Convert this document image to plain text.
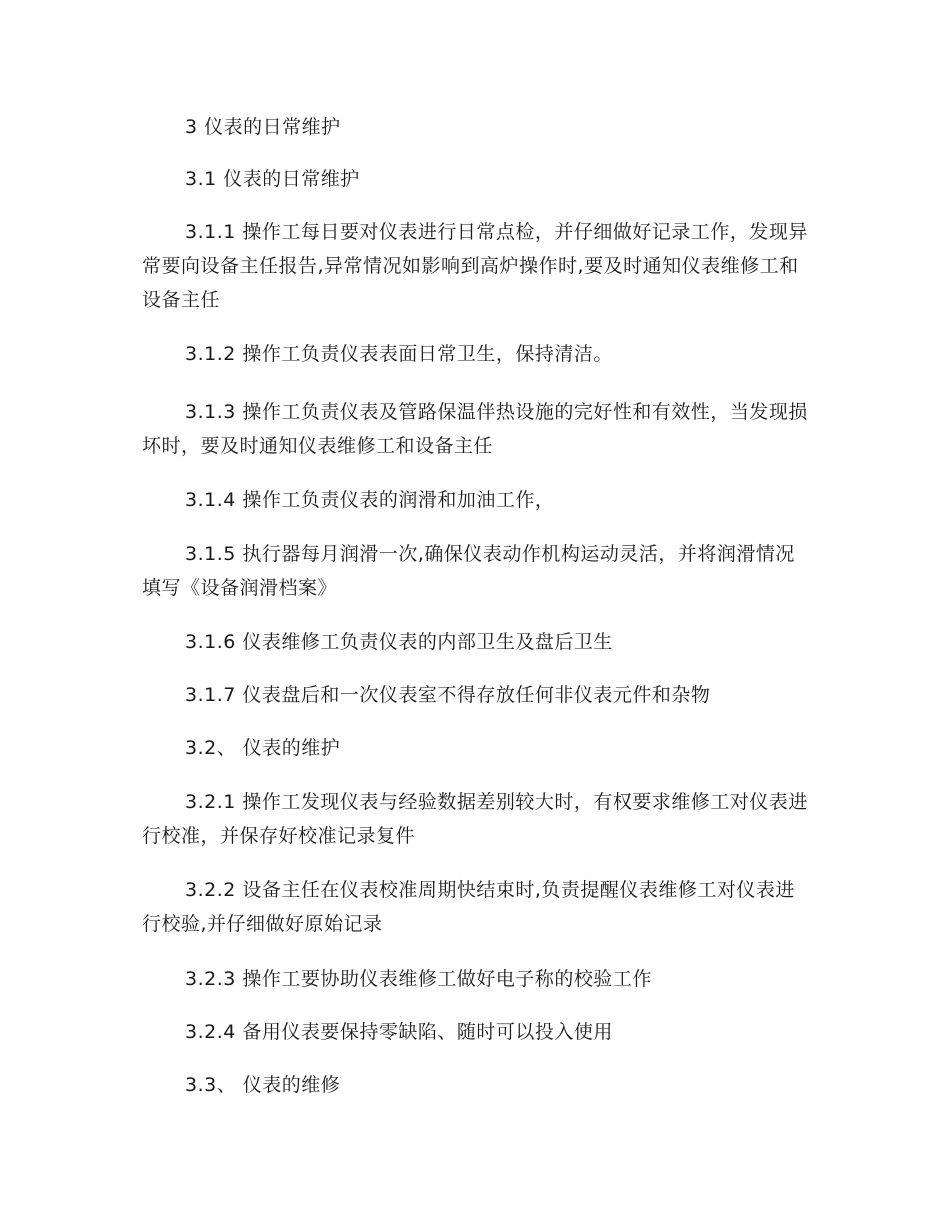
3 仪表的日常维护

3.1 仪表的日常维护

3.1.1 操作工每日要对仪表进行日常点检，并仔细做好记录工作，发现异常要向设备主任报告,异常情况如影响到高炉操作时,要及时通知仪表维修工和设备主任

3.1.2 操作工负责仪表表面日常卫生，保持清洁。

3.1.3 操作工负责仪表及管路保温伴热设施的完好性和有效性，当发现损坏时，要及时通知仪表维修工和设备主任

3.1.4 操作工负责仪表的润滑和加油工作，

3.1.5 执行器每月润滑一次,确保仪表动作机构运动灵活，并将润滑情况填写《设备润滑档案》

3.1.6 仪表维修工负责仪表的内部卫生及盘后卫生

3.1.7 仪表盘后和一次仪表室不得存放任何非仪表元件和杂物

3.2、 仪表的维护

3.2.1 操作工发现仪表与经验数据差别较大时，有权要求维修工对仪表进行校准，并保存好校准记录复件

3.2.2 设备主任在仪表校准周期快结束时,负责提醒仪表维修工对仪表进行校验,并仔细做好原始记录

3.2.3 操作工要协助仪表维修工做好电子称的校验工作

3.2.4 备用仪表要保持零缺陷、随时可以投入使用

3.3、 仪表的维修
